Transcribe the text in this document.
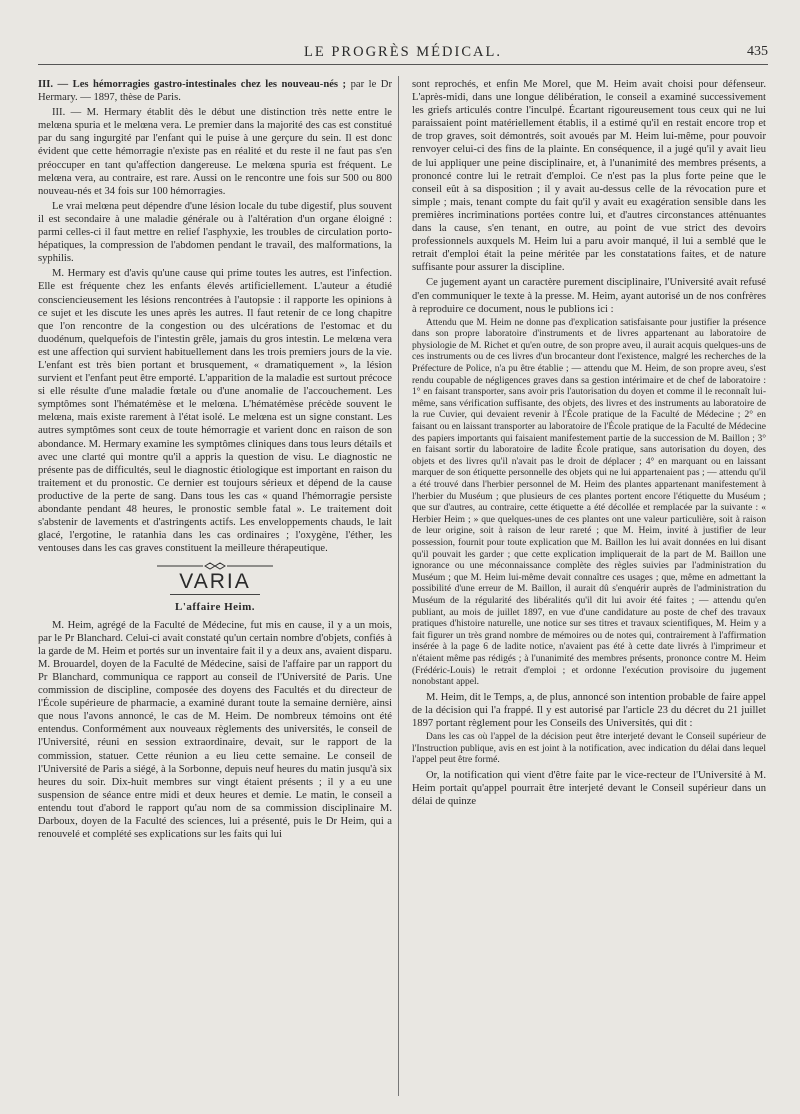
LE PROGRÈS MÉDICAL.	435

III. — Les hémorragies gastro-intestinales chez les nouveau-nés ; par le Dr Hermary. — 1897, thèse de Paris.

III. — M. Hermary établit dès le début une distinction très nette entre le melœna spuria et le melœna vera. Le premier dans la majorité des cas est constitué par du sang ingurgité par l'enfant qui le puise à une gerçure du sein. Il est donc évident que cette hémorragie n'existe pas en réalité et du reste il ne faut pas s'en préoccuper en tant qu'affection dangereuse. Le melœna spuria est fréquent. Le melœna vera, au contraire, est rare. Aussi on le rencontre une fois sur 500 ou 800 nouveau-nés et 34 fois sur 100 hémorragies.

Le vrai melœna peut dépendre d'une lésion locale du tube digestif, plus souvent il est secondaire à une maladie générale ou à l'altération d'un organe éloigné : parmi celles-ci il faut mettre en relief l'asphyxie, les troubles de circulation porto-hépatiques, la compression de l'abdomen pendant le travail, des malformations, la syphilis.

M. Hermary est d'avis qu'une cause qui prime toutes les autres, est l'infection. Elle est fréquente chez les enfants élevés artificiellement. L'auteur a étudié consciencieusement les lésions rencontrées à l'autopsie : il rapporte les opinions à ce sujet et les discute les unes après les autres. Il faut retenir de ce long chapitre que l'on rencontre de la congestion ou des ulcérations de l'estomac et du duodénum, quelquefois de l'intestin grêle, jamais du gros intestin. Le melœna vera est une affection qui survient habituellement dans les trois premiers jours de la vie. L'enfant est très bien portant et brusquement, « dramatiquement », la lésion survient et l'enfant peut être emporté. L'apparition de la maladie est surtout précoce si elle résulte d'une maladie fœtale ou d'une anomalie de l'accouchement. Les symptômes sont l'hématémèse et le melœna. L'hématémèse précède souvent le melœna, mais existe rarement à l'état isolé. Le melœna est un signe constant. Les autres symptômes sont ceux de toute hémorragie et varient donc en raison de son abondance. M. Hermary examine les symptômes cliniques dans tous leurs détails et avec une clarté qui montre qu'il a appris la question de visu. Le diagnostic ne présente pas de difficultés, seul le diagnostic étiologique est important en raison du traitement et du pronostic. Ce dernier est toujours sérieux et dépend de la cause productive de la perte de sang. Dans tous les cas « quand l'hémorragie persiste abondante pendant 48 heures, le pronostic semble fatal ». Le traitement doit s'abstenir de lavements et d'astringents actifs. Les enveloppements chauds, le lait glacé, l'ergotine, le ratanhia dans les cas ordinaires ; l'oxygène, l'éther, les ventouses dans les cas graves constituent la meilleure thérapeutique.

VARIA
L'affaire Heim.

M. Heim, agrégé de la Faculté de Médecine, fut mis en cause, il y a un mois, par le Pr Blanchard. Celui-ci avait constaté qu'un certain nombre d'objets, confiés à la garde de M. Heim et portés sur un inventaire fait il y a deux ans, avaient disparu. M. Brouardel, doyen de la Faculté de Médecine, saisi de l'affaire par un rapport du Pr Blanchard, communiqua ce rapport au conseil de l'Université de Paris. Une commission de discipline, composée des doyens des Facultés et du directeur de l'École supérieure de pharmacie, a examiné durant toute la semaine dernière, ainsi que nous l'avons annoncé, le cas de M. Heim. De nombreux témoins ont été entendus. Conformément aux nouveaux règlements des universités, le conseil de l'Université, réuni en session extraordinaire, devait, sur le rapport de la commission, statuer. Cette réunion a eu lieu cette semaine. Le conseil de l'Université de Paris a siégé, à la Sorbonne, depuis neuf heures du matin jusqu'à six heures du soir. Dix-huit membres sur vingt étaient présents ; il y a eu une suspension de séance entre midi et deux heures et demie. Le matin, le conseil a entendu tout d'abord le rapport qu'au nom de sa commission disciplinaire M. Darboux, doyen de la Faculté des sciences, lui a présenté, puis le Dr Heim, qui a renouvelé et complété ses explications sur les faits qui lui

sont reprochés, et enfin Me Morel, que M. Heim avait choisi pour défenseur. L'après-midi, dans une longue délibération, le conseil a examiné successivement les griefs articulés contre l'inculpé. Écartant rigoureusement tous ceux qui ne lui paraissaient point matériellement établis, il a estimé qu'il en restait encore trop et de trop graves, soit démontrés, soit avoués par M. Heim lui-même, pour pouvoir renvoyer celui-ci des fins de la plainte. En conséquence, il a jugé qu'il y avait lieu de lui appliquer une peine disciplinaire, et, à l'unanimité des membres présents, a prononcé contre lui le retrait d'emploi. Ce n'est pas la plus forte peine que le conseil eût à sa disposition ; il y avait au-dessus celle de la révocation pure et simple ; mais, tenant compte du fait qu'il y avait eu exagération sensible dans les premières incriminations portées contre lui, et d'autres circonstances atténuantes dans la cause, s'en tenant, en outre, au point de vue strict des devoirs professionnels auxquels M. Heim lui a paru avoir manqué, il lui a semblé que le retrait d'emploi était la peine méritée par les constatations faites, et de nature suffisante pour assurer la discipline.

Ce jugement ayant un caractère purement disciplinaire, l'Université avait refusé d'en communiquer le texte à la presse. M. Heim, ayant autorisé un de nos confrères à reproduire ce document, nous le publions ici :

Attendu que M. Heim ne donne pas d'explication satisfaisante pour justifier la présence dans son propre laboratoire d'instruments et de livres appartenant au laboratoire de physiologie de M. Richet et qu'en outre, de son propre aveu, il aurait acquis quelques-uns de ces instruments ou de ces livres d'un brocanteur dont l'existence, malgré les recherches de la Préfecture de Police, n'a pu être établie ; — attendu que M. Heim, de son propre aveu, s'est rendu coupable de négligences graves dans sa gestion intérimaire et de chef de laboratoire : 1° en faisant transporter, sans avoir pris l'autorisation du doyen et comme il le reconnaît lui-même, sans vérification suffisante, des objets, des livres et des instruments au laboratoire de la rue Cuvier, qui devaient revenir à l'École pratique de la Faculté de Médecine ; 2° en faisant ou en laissant transporter au laboratoire de l'École pratique de la Faculté de Médecine des papiers importants qui faisaient manifestement partie de la succession de M. Baillon ; 3° en faisant sortir du laboratoire de ladite École pratique, sans autorisation du doyen, des objets et des livres qu'il n'avait pas le droit de déplacer ; 4° en marquant ou en laissant marquer de son étiquette personnelle des objets qui ne lui appartenaient pas ; — attendu qu'il a été trouvé dans l'herbier personnel de M. Heim des plantes appartenant manifestement à l'herbier du Muséum ; que plusieurs de ces plantes portent encore l'étiquette du Muséum ; que sur d'autres, au contraire, cette étiquette a été décollée et remplacée par la suivante : « Herbier Heim ; » que quelques-unes de ces plantes ont une valeur particulière, soit à raison de leur origine, soit à raison de leur rareté ; que M. Heim, invité à justifier de leur possession, fournit pour toute explication que M. Baillon les lui avait données en lui disant qu'il pouvait les garder ; que cette explication impliquerait de la part de M. Baillon une ignorance ou une méconnaissance complète des règles suivies par l'administration du Muséum ; que M. Heim lui-même devait connaître ces usages ; que, même en admettant la possibilité d'une erreur de M. Baillon, il aurait dû s'enquérir auprès de l'administration du Muséum de la régularité des libéralités qu'il dit lui avoir été faites ; — attendu qu'en publiant, au mois de juillet 1897, en vue d'une candidature au poste de chef des travaux pratiques d'histoire naturelle, une notice sur ses titres et travaux scientifiques, M. Heim y a fait figurer un très grand nombre de mémoires ou de notes qui, contrairement à l'affirmation insérée à la page 6 de ladite notice, n'avaient pas été à cette date livrés à l'imprimeur et n'étaient même pas rédigés ; à l'unanimité des membres présents, prononce contre M. Heim (Frédéric-Louis) le retrait d'emploi ; et ordonne l'exécution provisoire du jugement nonobstant appel.

M. Heim, dit le Temps, a, de plus, annoncé son intention probable de faire appel de la décision qui l'a frappé. Il y est autorisé par l'article 23 du décret du 21 juillet 1897 portant règlement pour les Conseils des Universités, qui dit :

Dans les cas où l'appel de la décision peut être interjeté devant le Conseil supérieur de l'Instruction publique, avis en est joint à la notification, avec indication du délai dans lequel l'appel peut être formé.

Or, la notification qui vient d'être faite par le vice-recteur de l'Université à M. Heim portait qu'appel pourrait être interjeté devant le Conseil supérieur dans un délai de quinze
